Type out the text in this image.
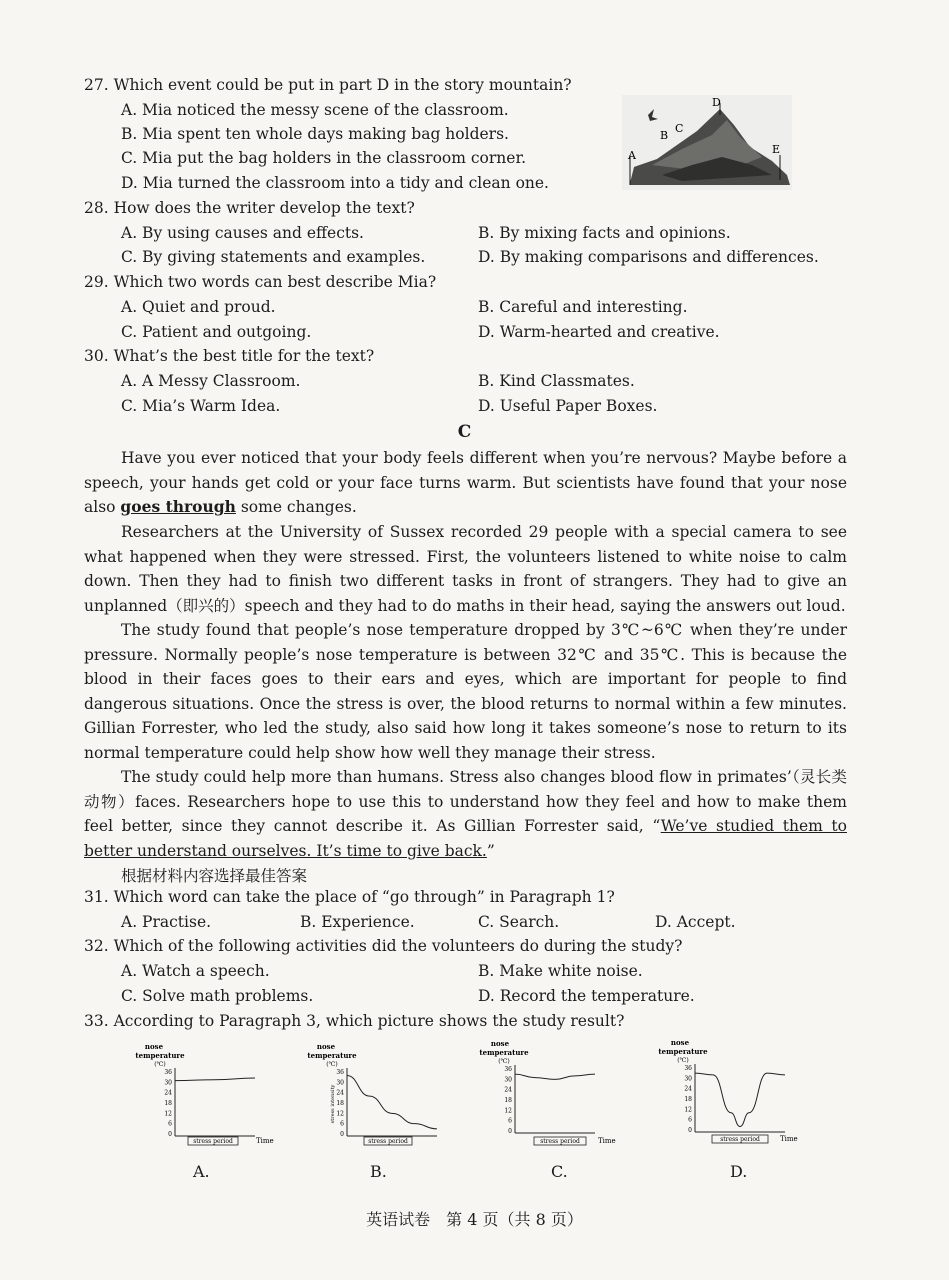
27. Which event could be put in part D in the story mountain?
A. Mia noticed the messy scene of the classroom.
B. Mia spent ten whole days making bag holders.
C. Mia put the bag holders in the classroom corner.
D. Mia turned the classroom into a tidy and clean one.
A
B
C
D
E
28. How does the writer develop the text?
A. By using causes and effects.	B. By mixing facts and opinions.
C. By giving statements and examples.	D. By making comparisons and differences.
29. Which two words can best describe Mia?
A. Quiet and proud.	B. Careful and interesting.
C. Patient and outgoing.	D. Warm-hearted and creative.
30. What’s the best title for the text?
A. A Messy Classroom.	B. Kind Classmates.
C. Mia’s Warm Idea.	D. Useful Paper Boxes.
C
Have you ever noticed that your body feels different when you’re nervous? Maybe before a speech, your hands get cold or your face turns warm. But scientists have found that your nose also goes through some changes.
Researchers at the University of Sussex recorded 29 people with a special camera to see what happened when they were stressed. First, the volunteers listened to white noise to calm down. Then they had to finish two different tasks in front of strangers. They had to give an unplanned（即兴的）speech and they had to do maths in their head, saying the answers out loud.
The study found that people’s nose temperature dropped by 3℃~6℃ when they’re under pressure. Normally people’s nose temperature is between 32℃ and 35℃. This is because the blood in their faces goes to their ears and eyes, which are important for people to find dangerous situations. Once the stress is over, the blood returns to normal within a few minutes. Gillian Forrester, who led the study, also said how long it takes someone’s nose to return to its normal temperature could help show how well they manage their stress.
The study could help more than humans. Stress also changes blood flow in primates’（灵长类动物）faces. Researchers hope to use this to understand how they feel and how to make them feel better, since they cannot describe it. As Gillian Forrester said, “We’ve studied them to better understand ourselves. It’s time to give back.”
根据材料内容选择最佳答案
31. Which word can take the place of “go through” in Paragraph 1?
A. Practise.	B. Experience.	C. Search.	D. Accept.
32. Which of the following activities did the volunteers do during the study?
A. Watch a speech.	B. Make white noise.
C. Solve math problems.	D. Record the temperature.
33. According to Paragraph 3, which picture shows the study result?
nose
temperature
(℃)
36
30
24
18
12
6
0
stress period	Time
A.
nose
temperature
(℃)
stress intensity
36
30
24
18
12
6
0
stress period
B.
nose
temperature
(℃)
36
30
24
18
12
6
0
stress period	Time
C.
nose
temperature
(℃)
36
30
24
18
12
6
0
stress period	Time
D.
英语试卷　第 4 页（共 8 页）
